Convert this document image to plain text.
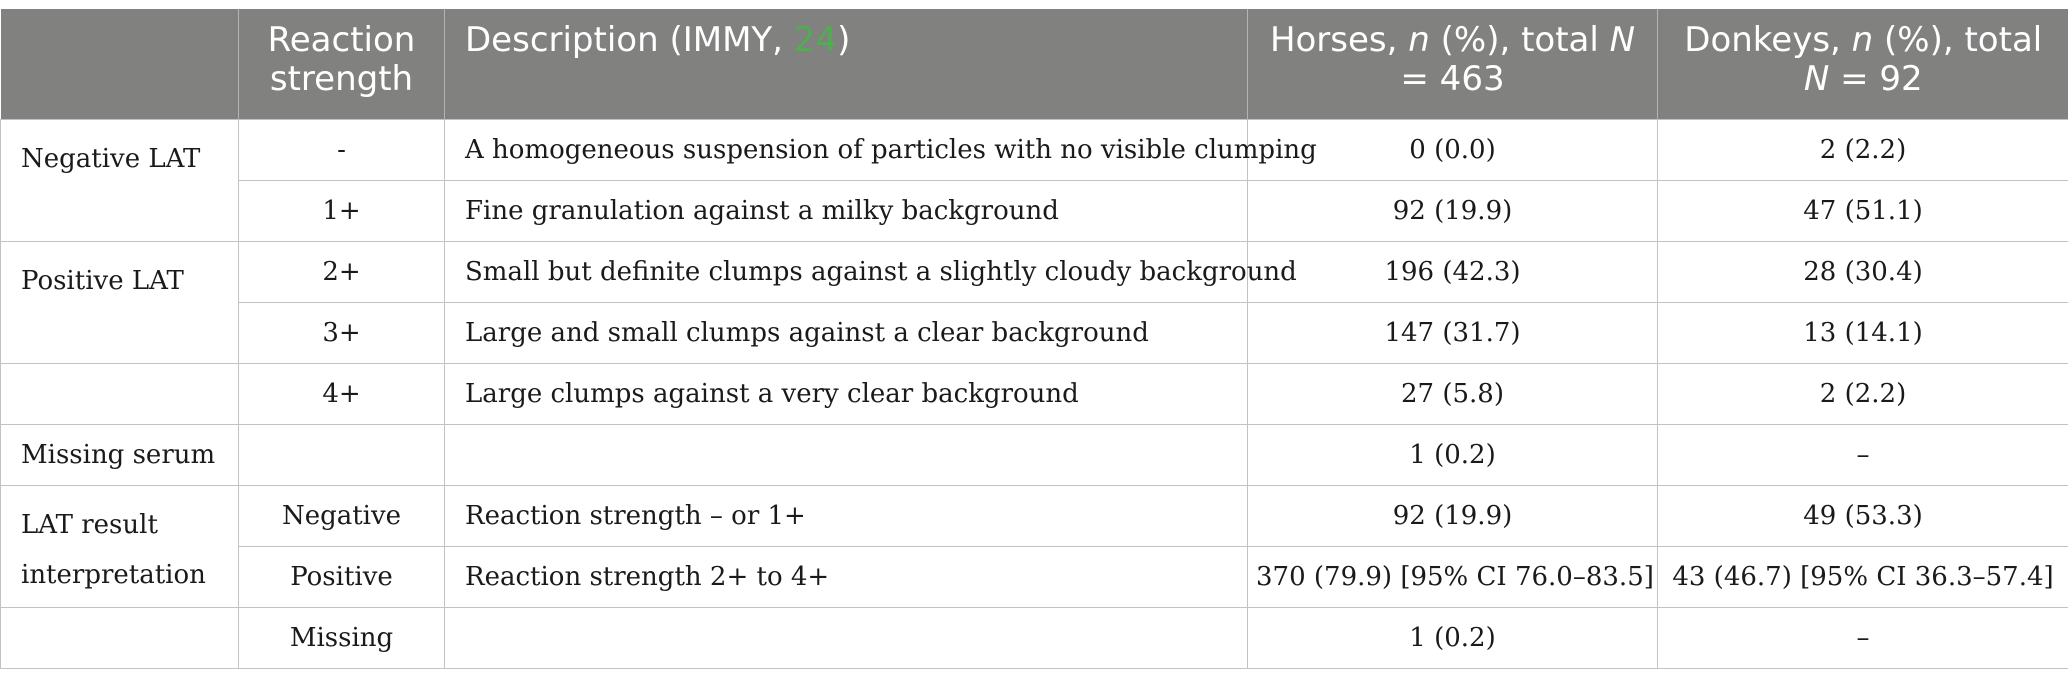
	Reaction strength	Description (IMMY, 24)	Horses, n (%), total N = 463	Donkeys, n (%), total N = 92
Negative LAT	-	A homogeneous suspension of particles with no visible clumping	0 (0.0)	2 (2.2)
	1+	Fine granulation against a milky background	92 (19.9)	47 (51.1)
Positive LAT	2+	Small but definite clumps against a slightly cloudy background	196 (42.3)	28 (30.4)
	3+	Large and small clumps against a clear background	147 (31.7)	13 (14.1)
	4+	Large clumps against a very clear background	27 (5.8)	2 (2.2)
Missing serum			1 (0.2)	–
LAT result interpretation	Negative	Reaction strength – or 1+	92 (19.9)	49 (53.3)
	Positive	Reaction strength 2+ to 4+	370 (79.9) [95% CI 76.0–83.5]	43 (46.7) [95% CI 36.3–57.4]
	Missing		1 (0.2)	–
